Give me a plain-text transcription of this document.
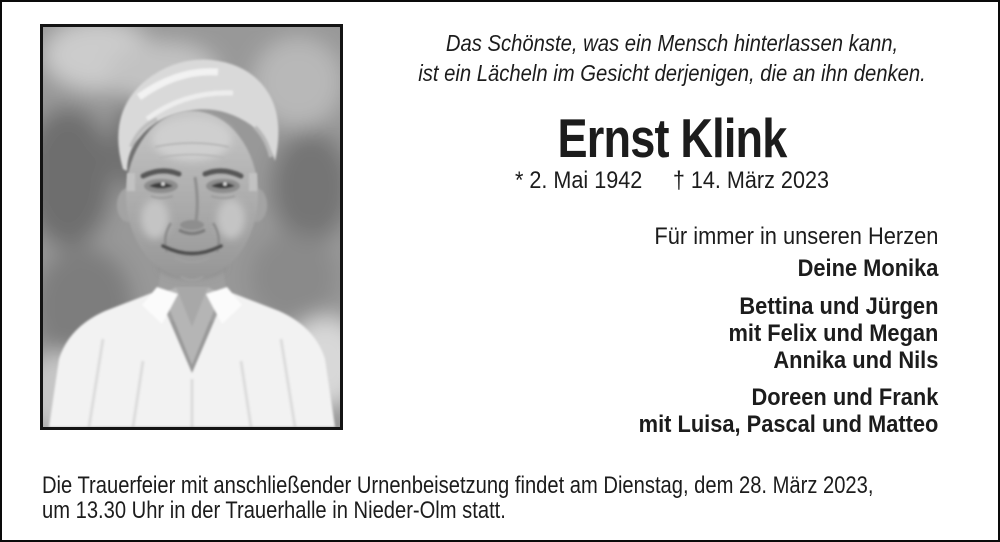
Das Schönste, was ein Mensch hinterlassen kann,
ist ein Lächeln im Gesicht derjenigen, die an ihn denken.
Ernst Klink
* 2. Mai 1942 † 14. März 2023
Für immer in unseren Herzen
Deine Monika
Bettina und Jürgen
mit Felix und Megan
Annika und Nils
Doreen und Frank
mit Luisa, Pascal und Matteo
Die Trauerfeier mit anschließender Urnenbeisetzung findet am Dienstag, dem 28. März 2023,
um 13.30 Uhr in der Trauerhalle in Nieder-Olm statt.
